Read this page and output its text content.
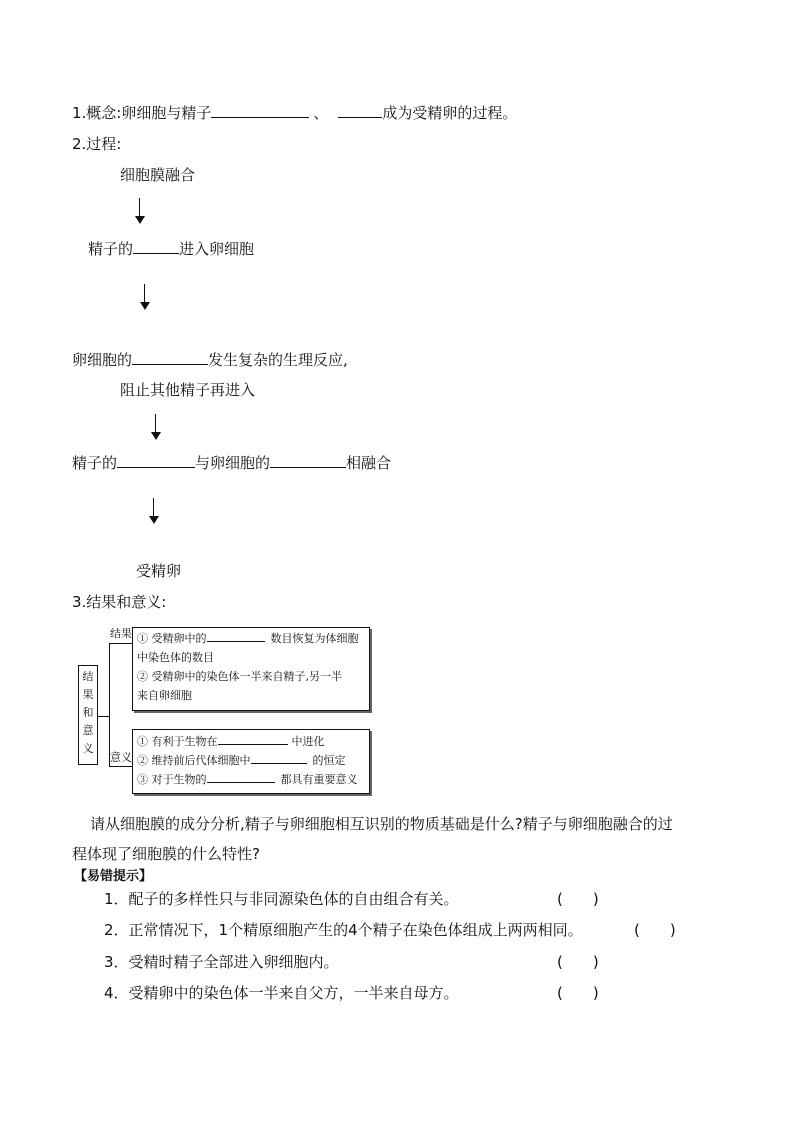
1.概念:卵细胞与精子	、	成为受精卵的过程。
2.过程:
细胞膜融合
精子的	进入卵细胞
卵细胞的	发生复杂的生理反应,
阻止其他精子再进入
精子的	与卵细胞的	相融合
受精卵
3.结果和意义:
结
果
和
意
义
结果
意义
① 受精卵中的	数目恢复为体细胞
中染色体的数目
② 受精卵中的染色体一半来自精子,另一半
来自卵细胞
① 有利于生物在	中进化
② 维持前后代体细胞中	的恒定
③ 对于生物的	都具有重要意义
请从细胞膜的成分分析,精子与卵细胞相互识别的物质基础是什么?精子与卵细胞融合的过
程体现了细胞膜的什么特性?
【易错提示】
1．配子的多样性只与非同源染色体的自由组合有关。	(　　)
2．正常情况下，1个精原细胞产生的4个精子在染色体组成上两两相同。	(　　)
3．受精时精子全部进入卵细胞内。	(　　)
4．受精卵中的染色体一半来自父方，一半来自母方。	(　　)
